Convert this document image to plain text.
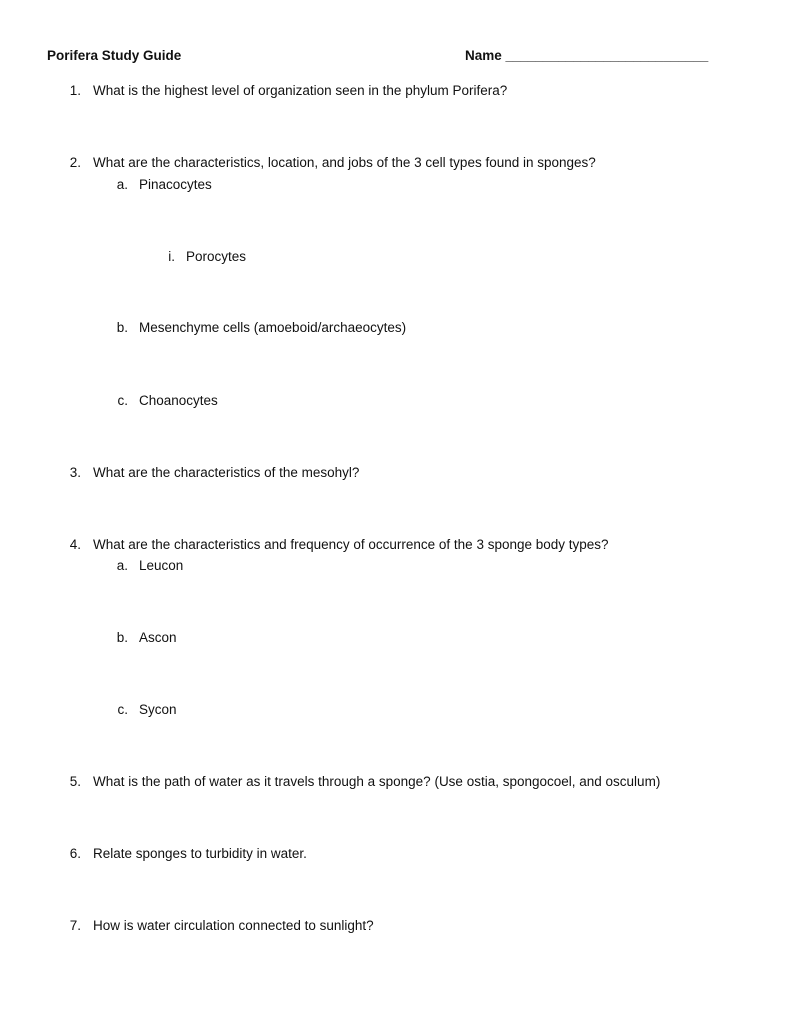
Porifera Study Guide	Name ___________________________
1. What is the highest level of organization seen in the phylum Porifera?
2. What are the characteristics, location, and jobs of the 3 cell types found in sponges?
a. Pinacocytes
i. Porocytes
b. Mesenchyme cells (amoeboid/archaeocytes)
c. Choanocytes
3. What are the characteristics of the mesohyl?
4. What are the characteristics and frequency of occurrence of the 3 sponge body types?
a. Leucon
b. Ascon
c. Sycon
5. What is the path of water as it travels through a sponge? (Use ostia, spongocoel, and osculum)
6. Relate sponges to turbidity in water.
7. How is water circulation connected to sunlight?
